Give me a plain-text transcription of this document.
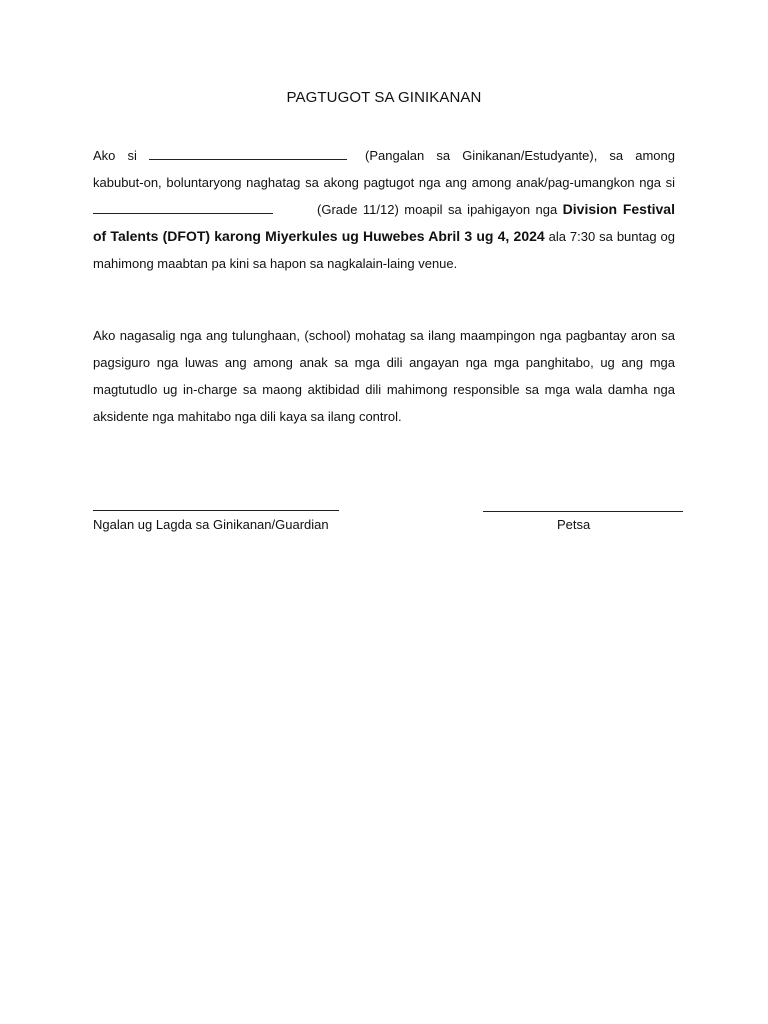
PAGTUGOT SA GINIKANAN
Ako si	(Pangalan sa Ginikanan/Estudyante), sa among kabubut-on, boluntaryong naghatag sa akong pagtugot nga ang among anak/pag-umangkon nga si (Grade 11/12) moapil sa ipahigayon nga Division Festival of Talents (DFOT) karong Miyerkules ug Huwebes Abril 3 ug 4, 2024 ala 7:30 sa buntag og mahimong maabtan pa kini sa hapon sa nagkalain-laing venue.
Ako nagasalig nga ang tulunghaan, (school) mohatag sa ilang maampingon nga pagbantay aron sa pagsiguro nga luwas ang among anak sa mga dili angayan nga mga panghitabo, ug ang mga magtutudlo ug in-charge sa maong aktibidad dili mahimong responsible sa mga wala damha nga aksidente nga mahitabo nga dili kaya sa ilang control.
Ngalan ug Lagda sa Ginikanan/Guardian	Petsa
